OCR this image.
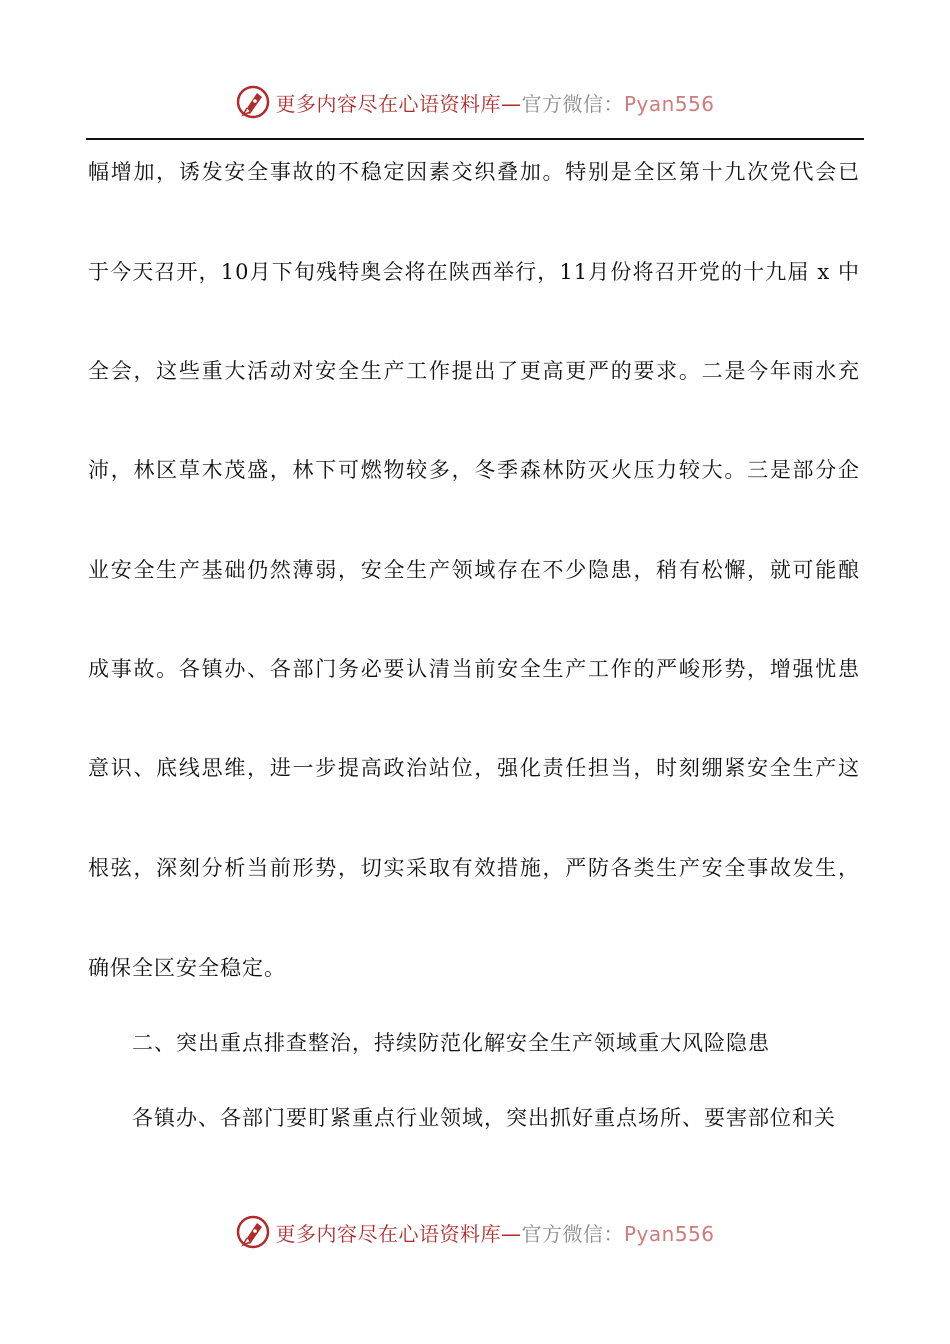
更多内容尽在心语资料库—官方微信：Pyan556
幅增加，诱发安全事故的不稳定因素交织叠加。特别是全区第十九次党代会已
于今天召开，10月下旬残特奥会将在陕西举行，11月份将召开党的十九届 x 中
全会，这些重大活动对安全生产工作提出了更高更严的要求。二是今年雨水充
沛，林区草木茂盛，林下可燃物较多，冬季森林防灭火压力较大。三是部分企
业安全生产基础仍然薄弱，安全生产领域存在不少隐患，稍有松懈，就可能酿
成事故。各镇办、各部门务必要认清当前安全生产工作的严峻形势，增强忧患
意识、底线思维，进一步提高政治站位，强化责任担当，时刻绷紧安全生产这
根弦，深刻分析当前形势，切实采取有效措施，严防各类生产安全事故发生，
确保全区安全稳定。
二、突出重点排查整治，持续防范化解安全生产领域重大风险隐患
各镇办、各部门要盯紧重点行业领域，突出抓好重点场所、要害部位和关
更多内容尽在心语资料库—官方微信：Pyan556
